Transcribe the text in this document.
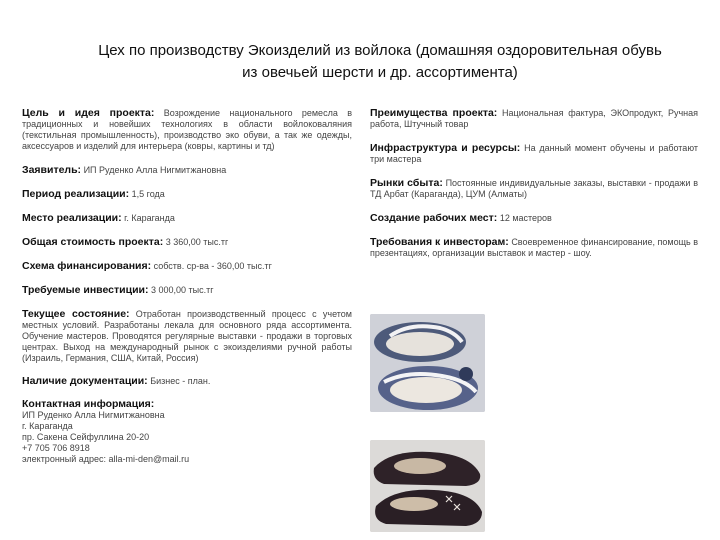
Цех по производству Экоизделий из войлока (домашняя оздоровительная обувь
из овечьей шерсти и др. ассортимента)
Цель и идея проекта: Возрождение национального ремесла в традиционных и новейших технологиях в области войлоковаляния (текстильная промышленность), производство эко обуви, а так же одежды, аксессуаров и изделий для интерьера (ковры, картины и тд)
Заявитель: ИП Руденко Алла Нигмитжановна
Период реализации: 1,5 года
Место реализации: г. Караганда
Общая стоимость проекта: 3 360,00 тыс.тг
Схема финансирования: собств. ср-ва - 360,00 тыс.тг
Требуемые инвестиции: 3 000,00 тыс.тг
Текущее состояние: Отработан производственный процесс с учетом местных условий. Разработаны лекала для основного ряда ассортимента. Обучение мастеров. Проводятся регулярные выставки - продажи в торговых центрах. Выход на международный рынок с экоизделиями ручной работы (Израиль, Германия, США, Китай, Россия)
Наличие документации: Бизнес - план.
Контактная информация:
ИП Руденко Алла Нигмитжановна
г. Караганда
пр. Сакена Сейфуллина 20-20
+7 705 706 8918
электронный адрес: alla-mi-den@mail.ru
Преимущества проекта: Национальная фактура, ЭКОпродукт, Ручная работа, Штучный товар
Инфраструктура и ресурсы: На данный момент обучены и работают три мастера
Рынки сбыта: Постоянные индивидуальные заказы, выставки - продажи в ТД Арбат (Караганда), ЦУМ (Алматы)
Создание рабочих мест: 12 мастеров
Требования к инвесторам: Своевременное финансирование, помощь в презентациях, организации выставок и мастер - шоу.
